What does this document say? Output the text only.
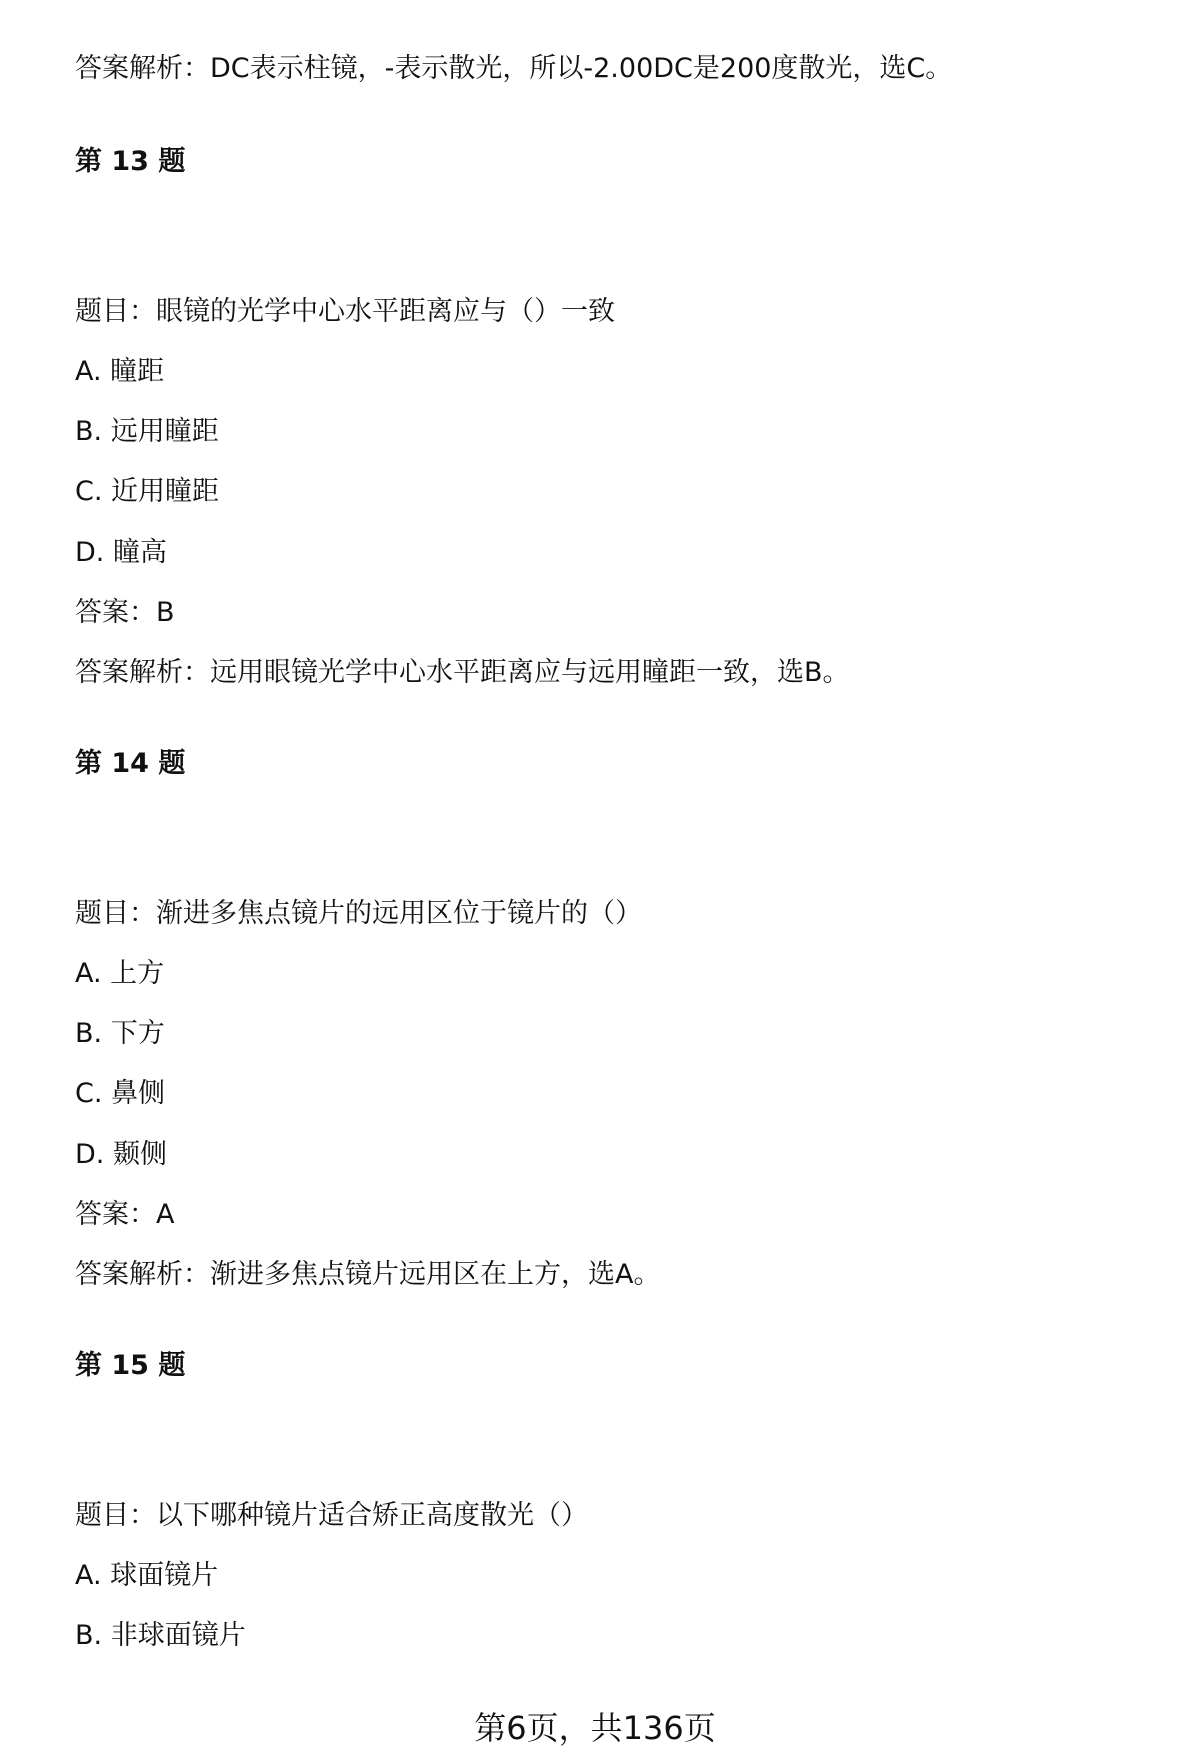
答案解析：DC表示柱镜，-表示散光，所以-2.00DC是200度散光，选C。
第 13 题
题目：眼镜的光学中心水平距离应与（）一致
A. 瞳距
B. 远用瞳距
C. 近用瞳距
D. 瞳高
答案：B
答案解析：远用眼镜光学中心水平距离应与远用瞳距一致，选B。
第 14 题
题目：渐进多焦点镜片的远用区位于镜片的（）
A. 上方
B. 下方
C. 鼻侧
D. 颞侧
答案：A
答案解析：渐进多焦点镜片远用区在上方，选A。
第 15 题
题目：以下哪种镜片适合矫正高度散光（）
A. 球面镜片
B. 非球面镜片
第6页，共136页
